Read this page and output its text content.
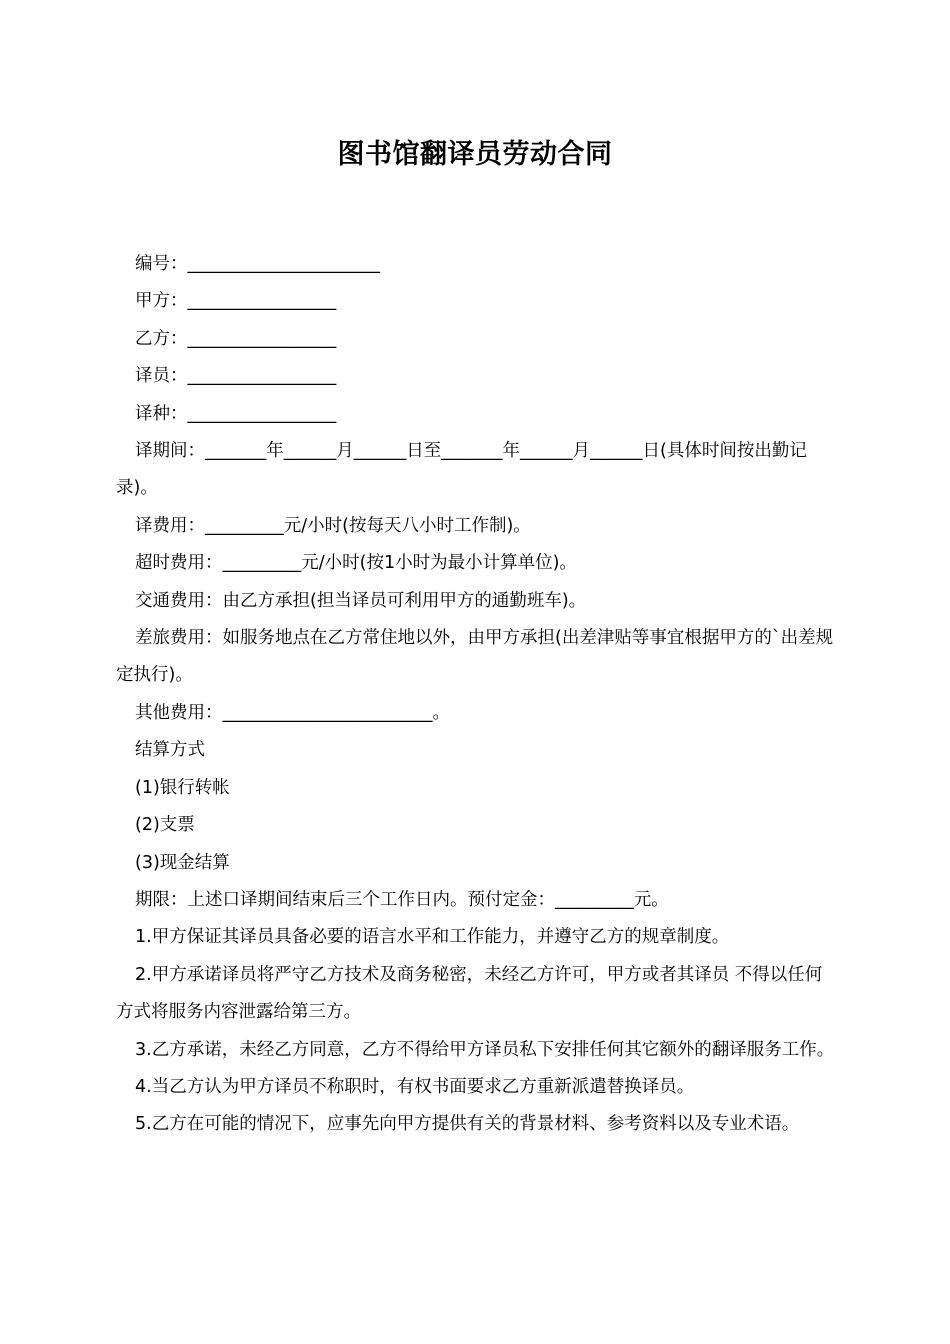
图书馆翻译员劳动合同

编号：______________________

甲方：_________________

乙方：_________________

译员：_________________

译种：_________________

译期间：_______年______月______日至_______年______月______日(具体时间按出勤记录)。

译费用：_________元/小时(按每天八小时工作制)。

超时费用：_________元/小时(按1小时为最小计算单位)。

交通费用：由乙方承担(担当译员可利用甲方的通勤班车)。

差旅费用：如服务地点在乙方常住地以外，由甲方承担(出差津贴等事宜根据甲方的`出差规定执行)。

其他费用：________________________。

结算方式

(1)银行转帐

(2)支票

(3)现金结算

期限：上述口译期间结束后三个工作日内。预付定金：_________元。

1.甲方保证其译员具备必要的语言水平和工作能力，并遵守乙方的规章制度。

2.甲方承诺译员将严守乙方技术及商务秘密，未经乙方许可，甲方或者其译员 不得以任何方式将服务内容泄露给第三方。

3.乙方承诺，未经乙方同意，乙方不得给甲方译员私下安排任何其它额外的翻译服务工作。

4.当乙方认为甲方译员不称职时，有权书面要求乙方重新派遣替换译员。

5.乙方在可能的情况下，应事先向甲方提供有关的背景材料、参考资料以及专业术语。
